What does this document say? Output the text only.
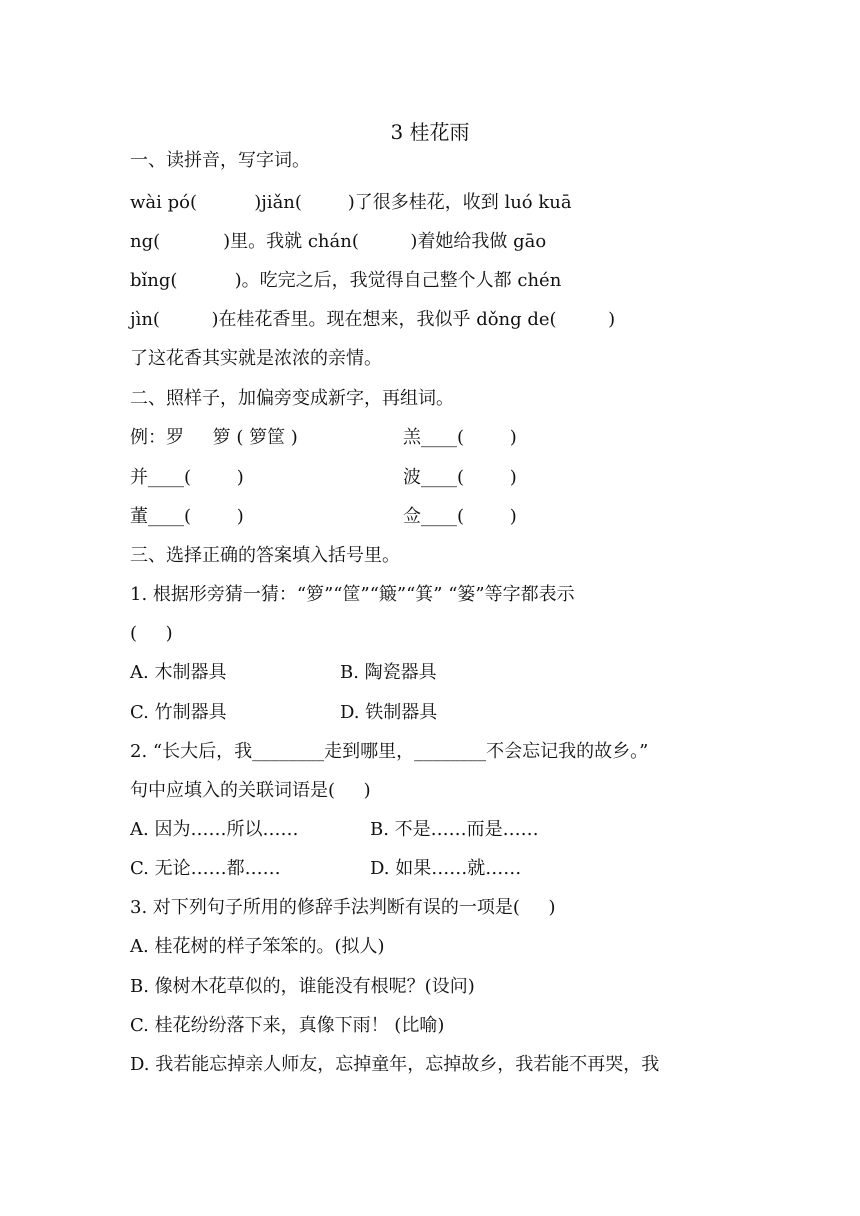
3 桂花雨
一、读拼音，写字词。
wài pó(          )jiǎn(        )了很多桂花，收到 luó kuā
ng(           )里。我就 chán(         )着她给我做 gāo
bǐng(          )。吃完之后，我觉得自己整个人都 chén
jìn(         )在桂花香里。现在想来，我似乎 dǒng de(         )
了这花香其实就是浓浓的亲情。
二、照样子，加偏旁变成新字，再组词。
例：罗     箩 ( 箩筐 )	羔____(        )
并____(        )	波____(        )
董____(        )	佥____(        )
三、选择正确的答案填入括号里。
1. 根据形旁猜一猜：“箩”“筐”“簸”“箕” “篓”等字都表示
(     )
A. 木制器具	B. 陶瓷器具
C. 竹制器具	D. 铁制器具
2. “长大后，我________走到哪里，________不会忘记我的故乡。”
句中应填入的关联词语是(     )
A. 因为……所以……	B. 不是……而是……
C. 无论……都……	D. 如果……就……
3. 对下列句子所用的修辞手法判断有误的一项是(     )
A. 桂花树的样子笨笨的。(拟人)
B. 像树木花草似的，谁能没有根呢？(设问)
C. 桂花纷纷落下来，真像下雨！ (比喻)
D. 我若能忘掉亲人师友，忘掉童年，忘掉故乡，我若能不再哭，我
